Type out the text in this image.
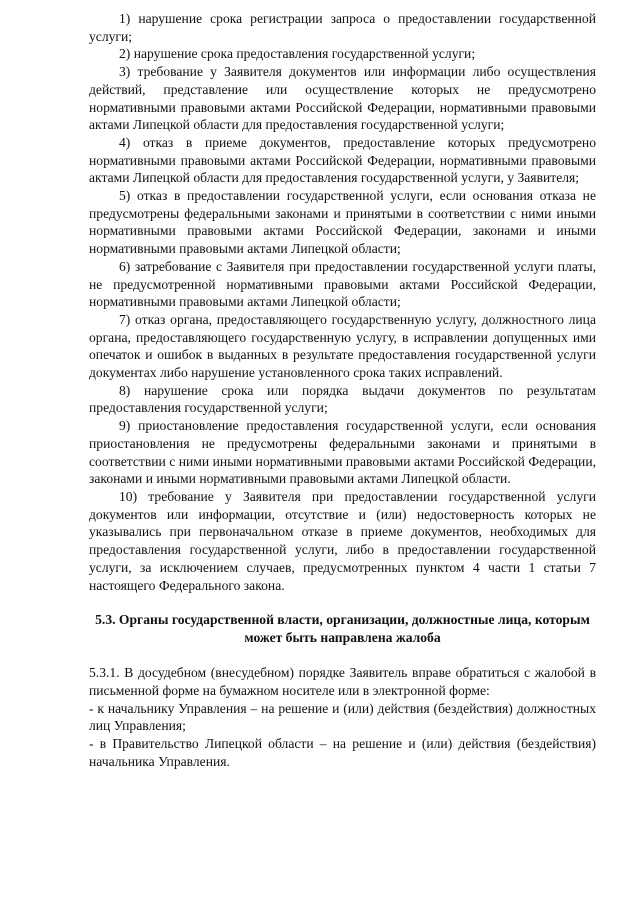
1) нарушение срока регистрации запроса о предоставлении государственной услуги;

2) нарушение срока предоставления государственной услуги;

3) требование у Заявителя документов или информации либо осуществления действий, представление или осуществление которых не предусмотрено нормативными правовыми актами Российской Федерации, нормативными правовыми актами Липецкой области для предоставления государственной услуги;

4) отказ в приеме документов, предоставление которых предусмотрено нормативными правовыми актами Российской Федерации, нормативными правовыми актами Липецкой области для предоставления государственной услуги, у Заявителя;

5) отказ в предоставлении государственной услуги, если основания отказа не предусмотрены федеральными законами и принятыми в соответствии с ними иными нормативными правовыми актами Российской Федерации, законами и иными нормативными правовыми актами Липецкой области;

6) затребование с Заявителя при предоставлении государственной услуги платы, не предусмотренной нормативными правовыми актами Российской Федерации, нормативными правовыми актами Липецкой области;

7) отказ органа, предоставляющего государственную услугу, должностного лица органа, предоставляющего государственную услугу, в исправлении допущенных ими опечаток и ошибок в выданных в результате предоставления государственной услуги документах либо нарушение установленного срока таких исправлений.

8) нарушение срока или порядка выдачи документов по результатам предоставления государственной услуги;

9) приостановление предоставления государственной услуги, если основания приостановления не предусмотрены федеральными законами и принятыми в соответствии с ними иными нормативными правовыми актами Российской Федерации, законами и иными нормативными правовыми актами Липецкой области.

10) требование у Заявителя при предоставлении государственной услуги документов или информации, отсутствие и (или) недостоверность которых не указывались при первоначальном отказе в приеме документов, необходимых для предоставления государственной услуги, либо в предоставлении государственной услуги, за исключением случаев, предусмотренных пунктом 4 части 1 статьи 7 настоящего Федерального закона.

5.3. Органы государственной власти, организации, должностные лица, которым может быть направлена жалоба

5.3.1. В досудебном (внесудебном) порядке Заявитель вправе обратиться с жалобой в письменной форме на бумажном носителе или в электронной форме:

- к начальнику Управления – на решение и (или) действия (бездействия) должностных лиц Управления;

- в Правительство Липецкой области – на решение и (или) действия (бездействия) начальника Управления.
